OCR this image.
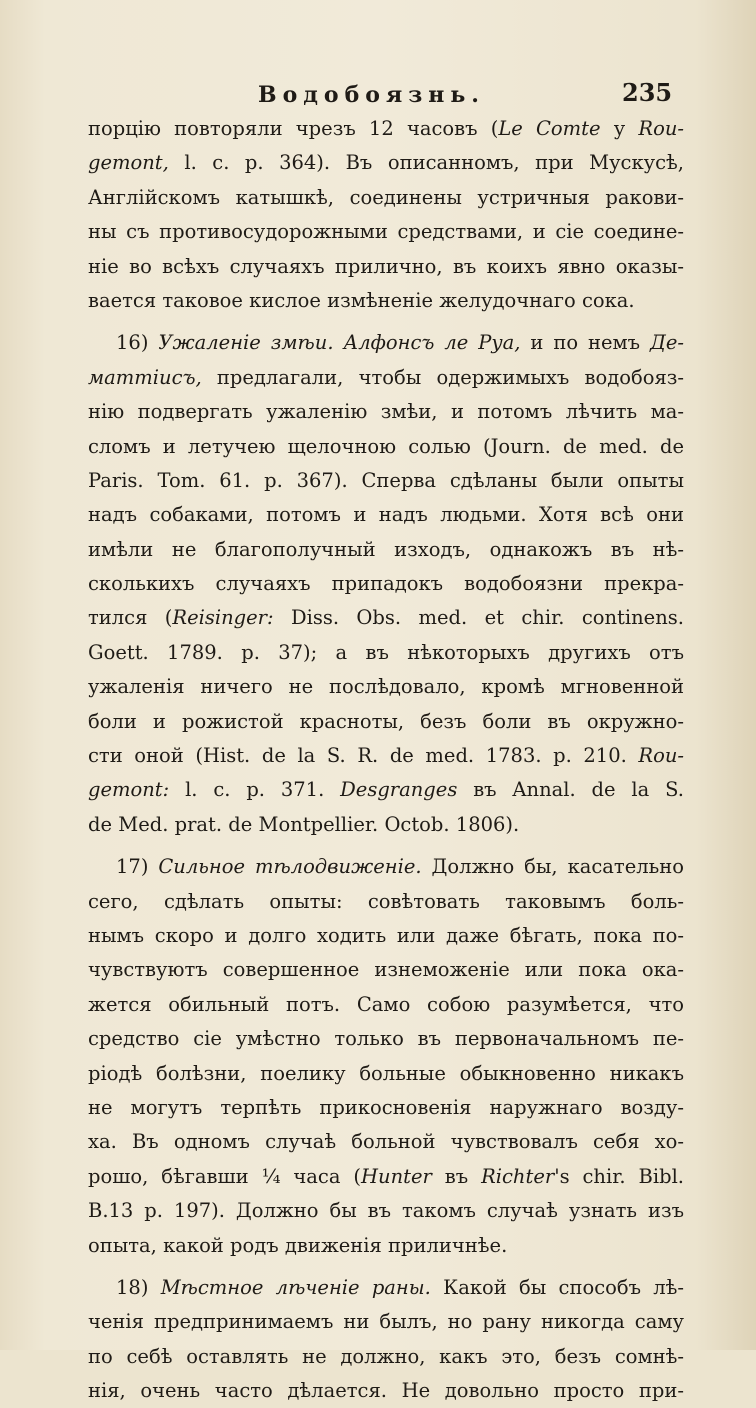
Водобоязнь.	235
порцію повторяли чрезъ 12 часовъ (Le Comte у Rou-
gemont, l. c. p. 364). Въ описанномъ, при Мускусѣ,
Англійскомъ катышкѣ, соединены устричныя ракови-
ны съ противосудорожными средствами, и сіе соедине-
ніе во всѣхъ случаяхъ прилично, въ коихъ явно оказы-
вается таковое кислое измѣненіе желудочнаго сока.
16) Ужаленіе змѣи. Алфонсъ ле Руа, и по немъ Де-
маттіисъ, предлагали, чтобы одержимыхъ водобояз-
нію подвергать ужаленію змѣи, и потомъ лѣчить ма-
сломъ и летучею щелочною солью (Journ. de med. de
Paris. Tom. 61. p. 367). Сперва сдѣланы были опыты
надъ собаками, потомъ и надъ людьми. Хотя всѣ они
имѣли не благополучный изходъ, однакожъ въ нѣ-
сколькихъ случаяхъ припадокъ водобоязни прекра-
тился (Reisinger: Diss. Obs. med. et chir. continens.
Goett. 1789. p. 37); а въ нѣкоторыхъ другихъ отъ
ужаленія ничего не послѣдовало, кромѣ мгновенной
боли и рожистой красноты, безъ боли въ окружно-
сти оной (Hist. de la S. R. de med. 1783. p. 210. Rou-
gemont: l. c. p. 371. Desgranges въ Annal. de la S.
de Med. prat. de Montpellier. Octob. 1806).
17) Сильное тѣлодвиженіе. Должно бы, касательно
сего, сдѣлать опыты: совѣтовать таковымъ боль-
нымъ скоро и долго ходить или даже бѣгать, пока по-
чувствуютъ совершенное изнеможеніе или пока ока-
жется обильный потъ. Само собою разумѣется, что
средство сіе умѣстно только въ первоначальномъ пе-
ріодѣ болѣзни, поелику больные обыкновенно никакъ
не могутъ терпѣть прикосновенія наружнаго возду-
ха. Въ одномъ случаѣ больной чувствовалъ себя хо-
рошо, бѣгавши ¼ часа (Hunter въ Richter's chir. Bibl.
B.13 p. 197). Должно бы въ такомъ случаѣ узнать изъ
опыта, какой родъ движенія приличнѣе.
18) Мѣстное лѣченіе раны. Какой бы способъ лѣ-
ченія предпринимаемъ ни былъ, но рану никогда саму
по себѣ оставлять не должно, какъ это, безъ сомнѣ-
нія, очень часто дѣлается. Не довольно просто при-
